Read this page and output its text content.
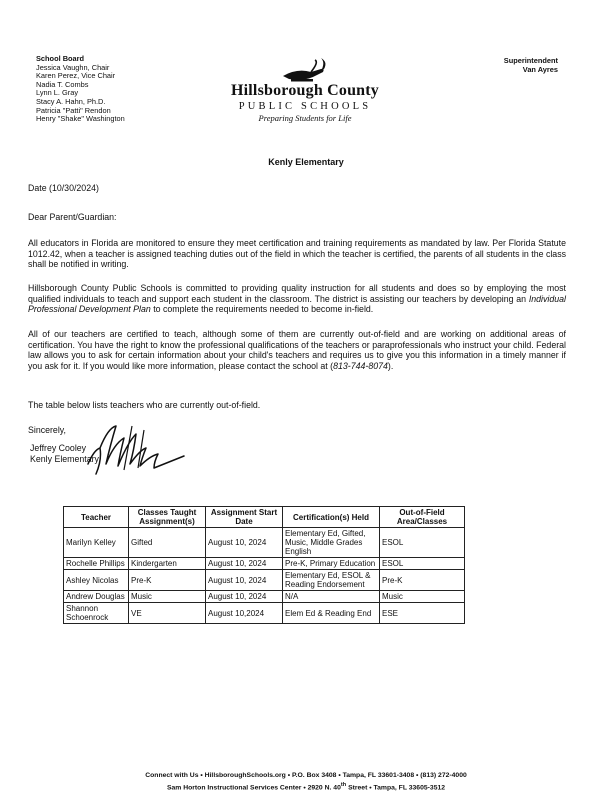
School Board
Jessica Vaughn, Chair
Karen Perez, Vice Chair
Nadia T. Combs
Lynn L. Gray
Stacy A. Hahn, Ph.D.
Patricia "Patti" Rendon
Henry "Shake" Washington
Superintendent
Van Ayres
Hillsborough County
PUBLIC SCHOOLS
Preparing Students for Life
Kenly Elementary
Date (10/30/2024)
Dear Parent/Guardian:
All educators in Florida are monitored to ensure they meet certification and training requirements as mandated by law. Per Florida Statute 1012.42, when a teacher is assigned teaching duties out of the field in which the teacher is certified, the parents of all students in the class shall be notified in writing.
Hillsborough County Public Schools is committed to providing quality instruction for all students and does so by employing the most qualified individuals to teach and support each student in the classroom. The district is assisting our teachers by developing an Individual Professional Development Plan to complete the requirements needed to become in-field.
All of our teachers are certified to teach, although some of them are currently out-of-field and are working on additional areas of certification. You have the right to know the professional qualifications of the teachers or paraprofessionals who instruct your child. Federal law allows you to ask for certain information about your child's teachers and requires us to give you this information in a timely manner if you ask for it. If you would like more information, please contact the school at (813-744-8074).
The table below lists teachers who are currently out-of-field.
Sincerely,
Jeffrey Cooley
Kenly Elementary
Teacher	Classes Taught Assignment(s)	Assignment Start Date	Certification(s) Held	Out-of-Field Area/Classes
Marilyn Kelley	Gifted	August 10, 2024	Elementary Ed, Gifted, Music, Middle Grades English	ESOL
Rochelle Phillips	Kindergarten	August 10, 2024	Pre-K, Primary Education	ESOL
Ashley Nicolas	Pre-K	August 10, 2024	Elementary Ed, ESOL & Reading Endorsement	Pre-K
Andrew Douglas	Music	August 10, 2024	N/A	Music
Shannon Schoenrock	VE	August 10,2024	Elem Ed & Reading End	ESE
Connect with Us • HillsboroughSchools.org • P.O. Box 3408 • Tampa, FL 33601-3408 • (813) 272-4000
Sam Horton Instructional Services Center • 2920 N. 40th Street • Tampa, FL 33605-3512
